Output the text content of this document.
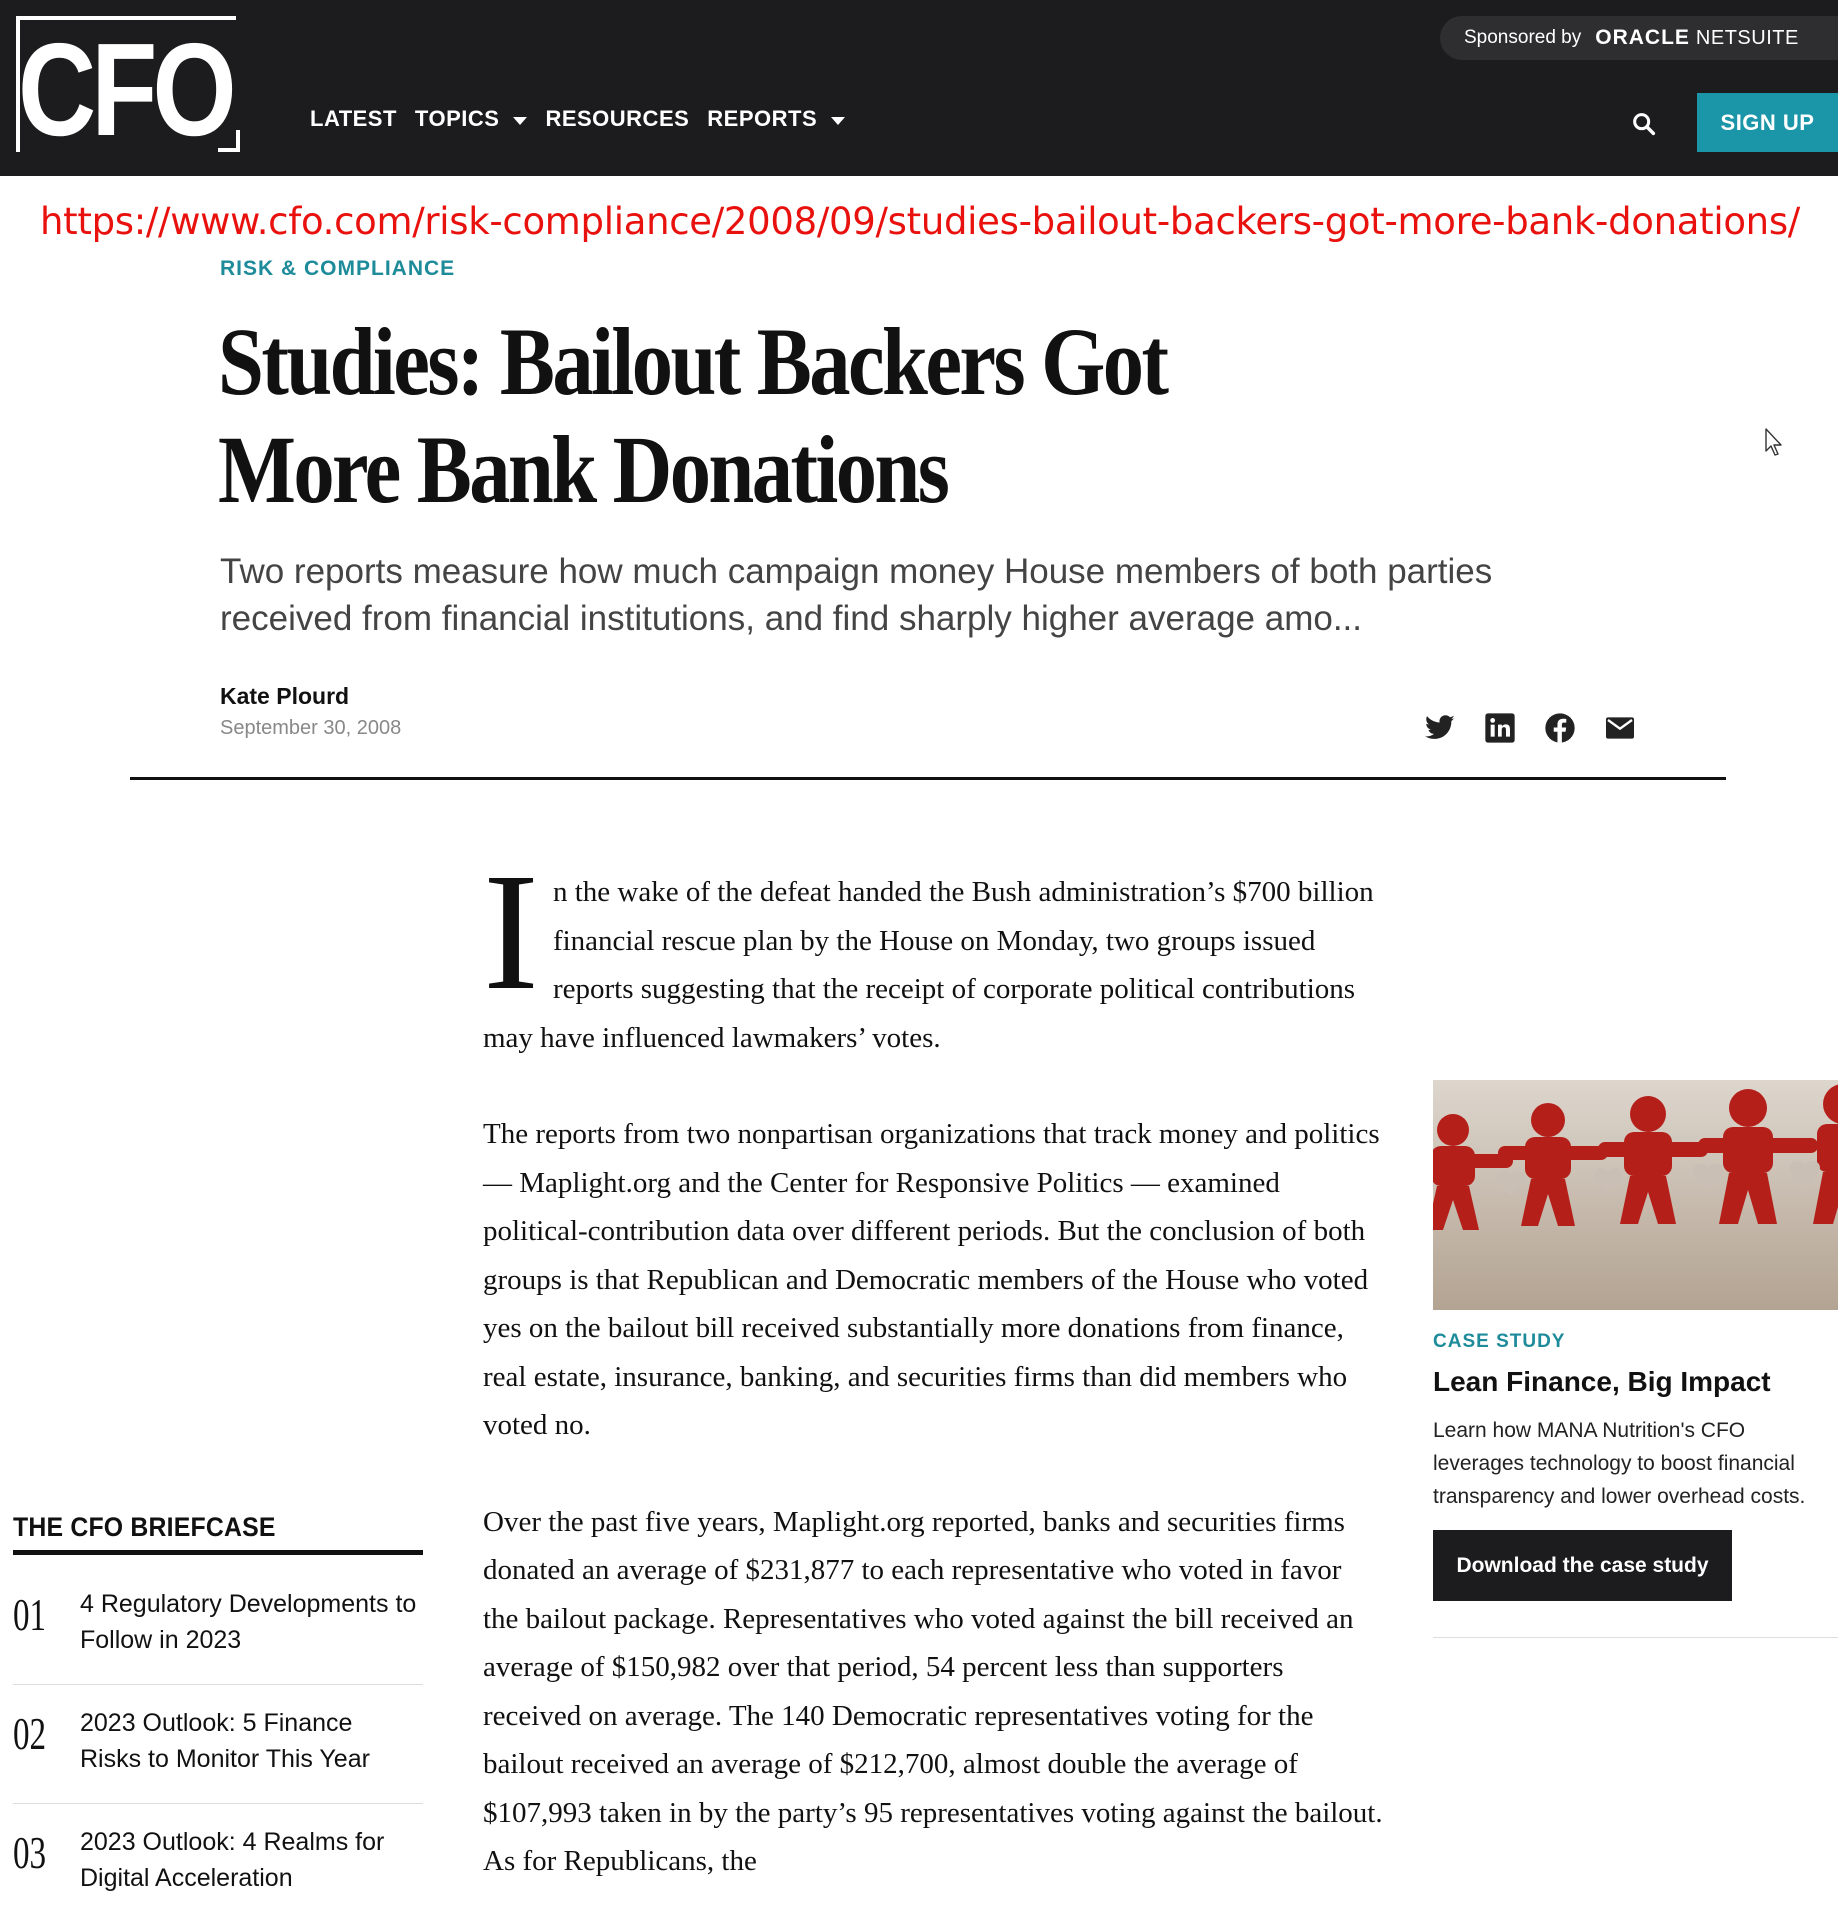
CFO	LATEST TOPICS RESOURCES REPORTS
Sponsored by ORACLE NETSUITE
SIGN UP
https://www.cfo.com/risk-compliance/2008/09/studies-bailout-backers-got-more-bank-donations/
RISK & COMPLIANCE
Studies: Bailout Backers Got More Bank Donations

Two reports measure how much campaign money House members of both parties received from financial institutions, and find sharply higher average amo...

Kate Plourd
September 30, 2008

In the wake of the defeat handed the Bush administration’s $700 billion financial rescue plan by the House on Monday, two groups issued reports suggesting that the receipt of corporate political contributions may have influenced lawmakers’ votes.

The reports from two nonpartisan organizations that track money and politics — Maplight.org and the Center for Responsive Politics — examined political-contribution data over different periods. But the conclusion of both groups is that Republican and Democratic members of the House who voted yes on the bailout bill received substantially more donations from finance, real estate, insurance, banking, and securities firms than did members who voted no.

Over the past five years, Maplight.org reported, banks and securities firms donated an average of $231,877 to each representative who voted in favor the bailout package. Representatives who voted against the bill received an average of $150,982 over that period, 54 percent less than supporters received on average. The 140 Democratic representatives voting for the bailout received an average of $212,700, almost double the average of $107,993 taken in by the party’s 95 representatives voting against the bailout. As for Republicans, the

CASE STUDY
Lean Finance, Big Impact
Learn how MANA Nutrition's CFO leverages technology to boost financial transparency and lower overhead costs.
Download the case study
THE CFO BRIEFCASE
01 4 Regulatory Developments to Follow in 2023
02 2023 Outlook: 5 Finance Risks to Monitor This Year
03 2023 Outlook: 4 Realms for Digital Acceleration
